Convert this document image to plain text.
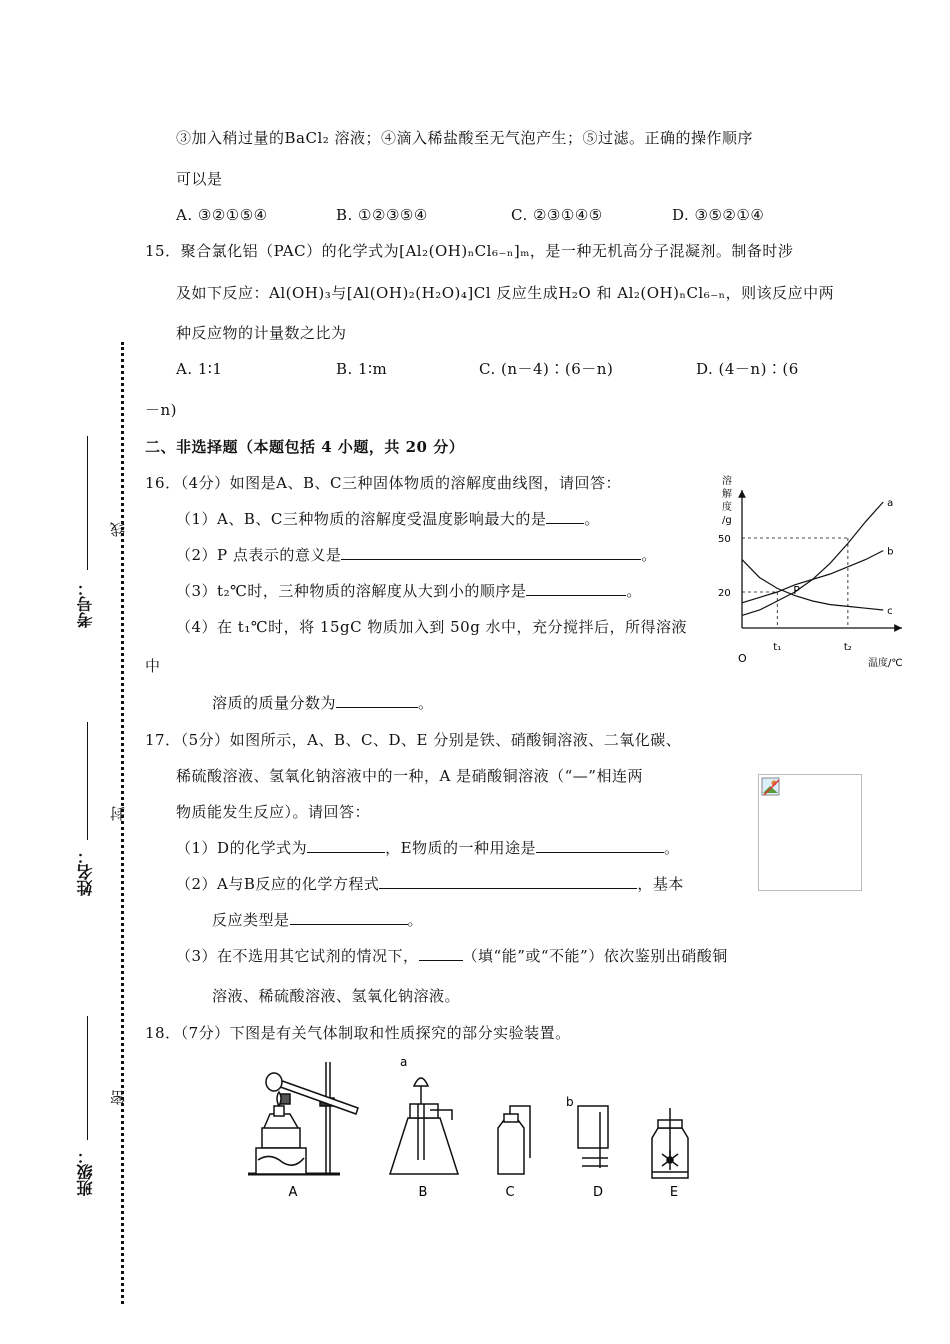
③加入稍过量的BaCl₂ 溶液；④滴入稀盐酸至无气泡产生；⑤过滤。正确的操作顺序
可以是
A. ③②①⑤④	B. ①②③⑤④	C. ②③①④⑤	D. ③⑤②①④
15．聚合氯化铝（PAC）的化学式为[Al₂(OH)ₙCl₆₋ₙ]ₘ，是一种无机高分子混凝剂。制备时涉
及如下反应：Al(OH)₃与[Al(OH)₂(H₂O)₄]Cl 反应生成H₂O 和 Al₂(OH)ₙCl₆₋ₙ，则该反应中两
种反应物的计量数之比为
A. 1∶1	B. 1∶m	C. (n－4)∶(6－n)	D. (4－n)∶(6
－n)
二、非选择题（本题包括 4 小题，共 20 分）
16．（4分）如图是A、B、C三种固体物质的溶解度曲线图，请回答：
（1）A、B、C三种物质的溶解度受温度影响最大的是	。
（2）P 点表示的意义是	。
（3）t₂℃时，三种物质的溶解度从大到小的顺序是	。
（4）在 t₁℃时，将 15gC 物质加入到 50g 水中，充分搅拌后，所得溶液
中
溶质的质量分数为	。
溶
解
度
/g
O	温度/℃
a
b
c
50
20
t₁	t₂
P
17．（5分）如图所示，A、B、C、D、E 分别是铁、硝酸铜溶液、二氧化碳、
稀硫酸溶液、氢氧化钠溶液中的一种，A 是硝酸铜溶液（“—”相连两
物质能发生反应）。请回答：
（1）D的化学式为	，E物质的一种用途是	。
（2）A与B反应的化学方程式	，基本
反应类型是	。
（3）在不选用其它试剂的情况下，	（填“能”或“不能”）依次鉴别出硝酸铜
溶液、稀硫酸溶液、氢氧化钠溶液。
18．（7分）下图是有关气体制取和性质探究的部分实验装置。
a
b
A	B	C	D	E
考号：
线
姓名：
封
班级：
密
